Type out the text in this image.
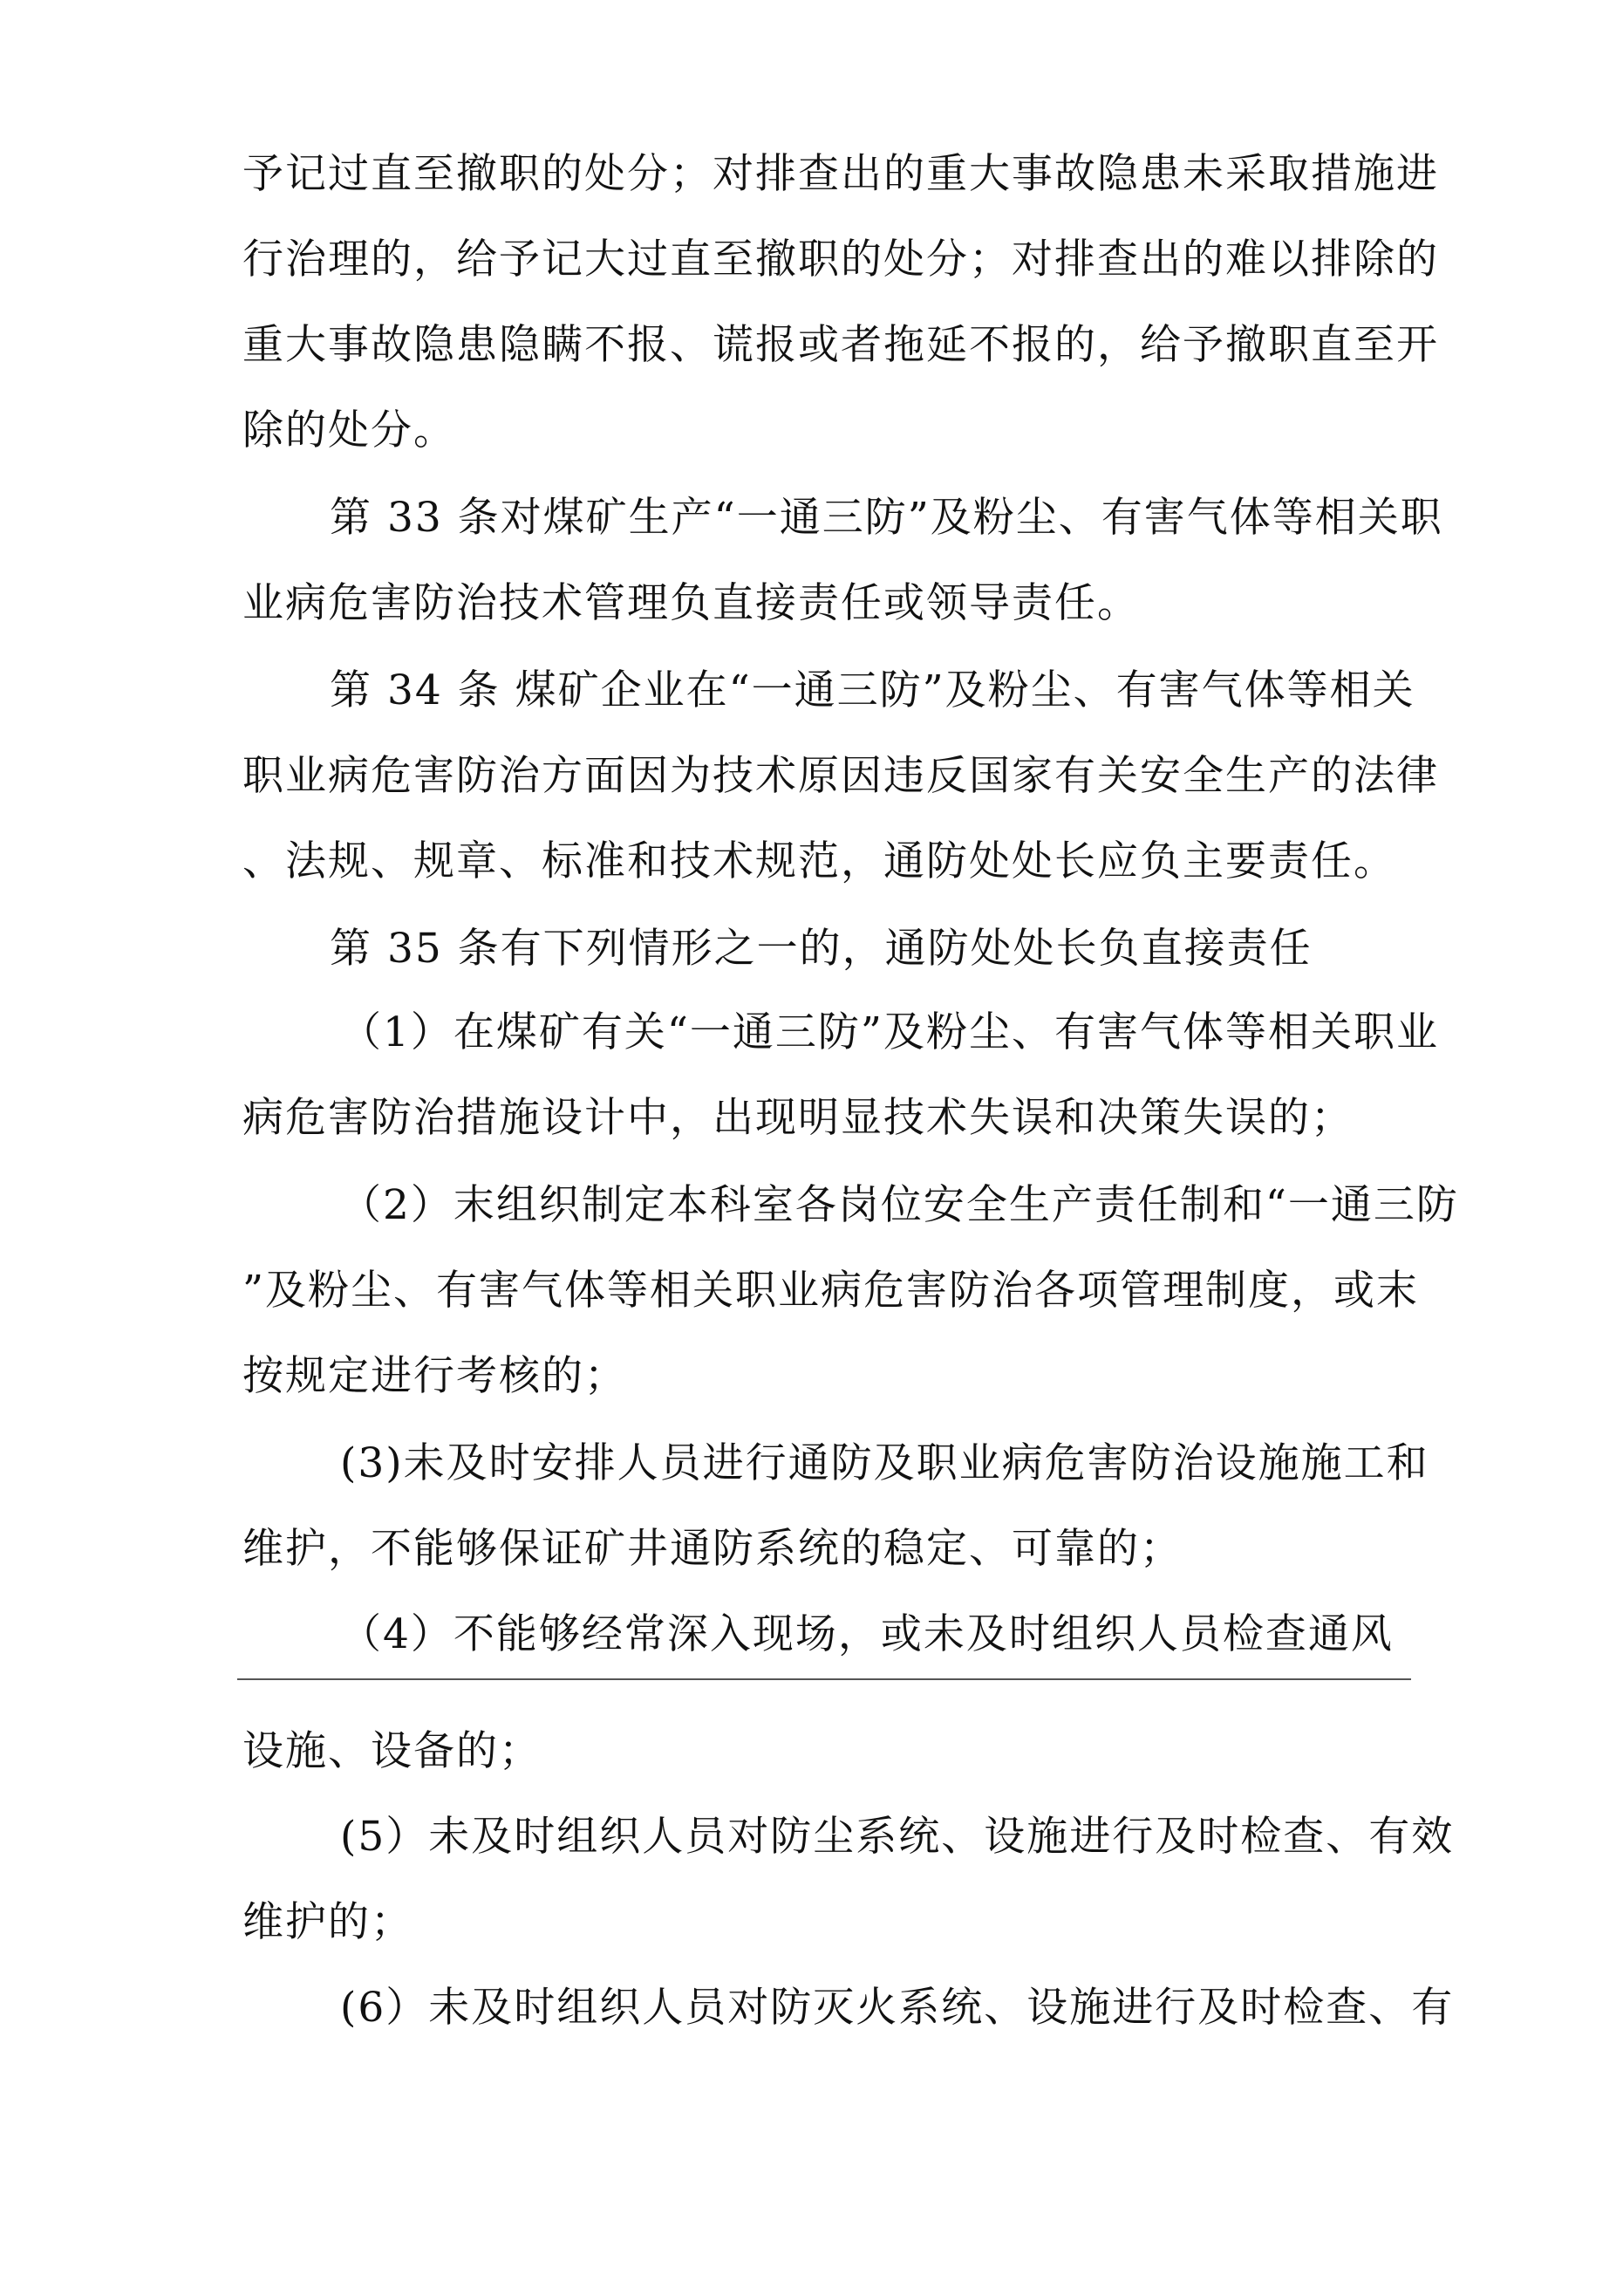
予记过直至撤职的处分；对排查出的重大事故隐患未采取措施进
行治理的，给予记大过直至撤职的处分；对排查出的难以排除的
重大事故隐患隐瞒不报、谎报或者拖延不报的，给予撤职直至开
除的处分。
第 33 条对煤矿生产“一通三防”及粉尘、有害气体等相关职
业病危害防治技术管理负直接责任或领导责任。
第 34 条 煤矿企业在“一通三防”及粉尘、有害气体等相关
职业病危害防治方面因为技术原因违反国家有关安全生产的法律
、法规、规章、标准和技术规范，通防处处长应负主要责任。
第 35 条有下列情形之一的，通防处处长负直接责任
（1）在煤矿有关“一通三防”及粉尘、有害气体等相关职业
病危害防治措施设计中，出现明显技术失误和决策失误的；
（2）末组织制定本科室各岗位安全生产责任制和“一通三防
”及粉尘、有害气体等相关职业病危害防治各项管理制度，或末
按规定进行考核的；
(3)未及时安排人员进行通防及职业病危害防治设施施工和
维护，不能够保证矿井通防系统的稳定、可靠的；
（4）不能够经常深入现场，或未及时组织人员检查通风
设施、设备的；
(5）未及时组织人员对防尘系统、设施进行及时检查、有效
维护的；
(6）未及时组织人员对防灭火系统、设施进行及时检查、有
